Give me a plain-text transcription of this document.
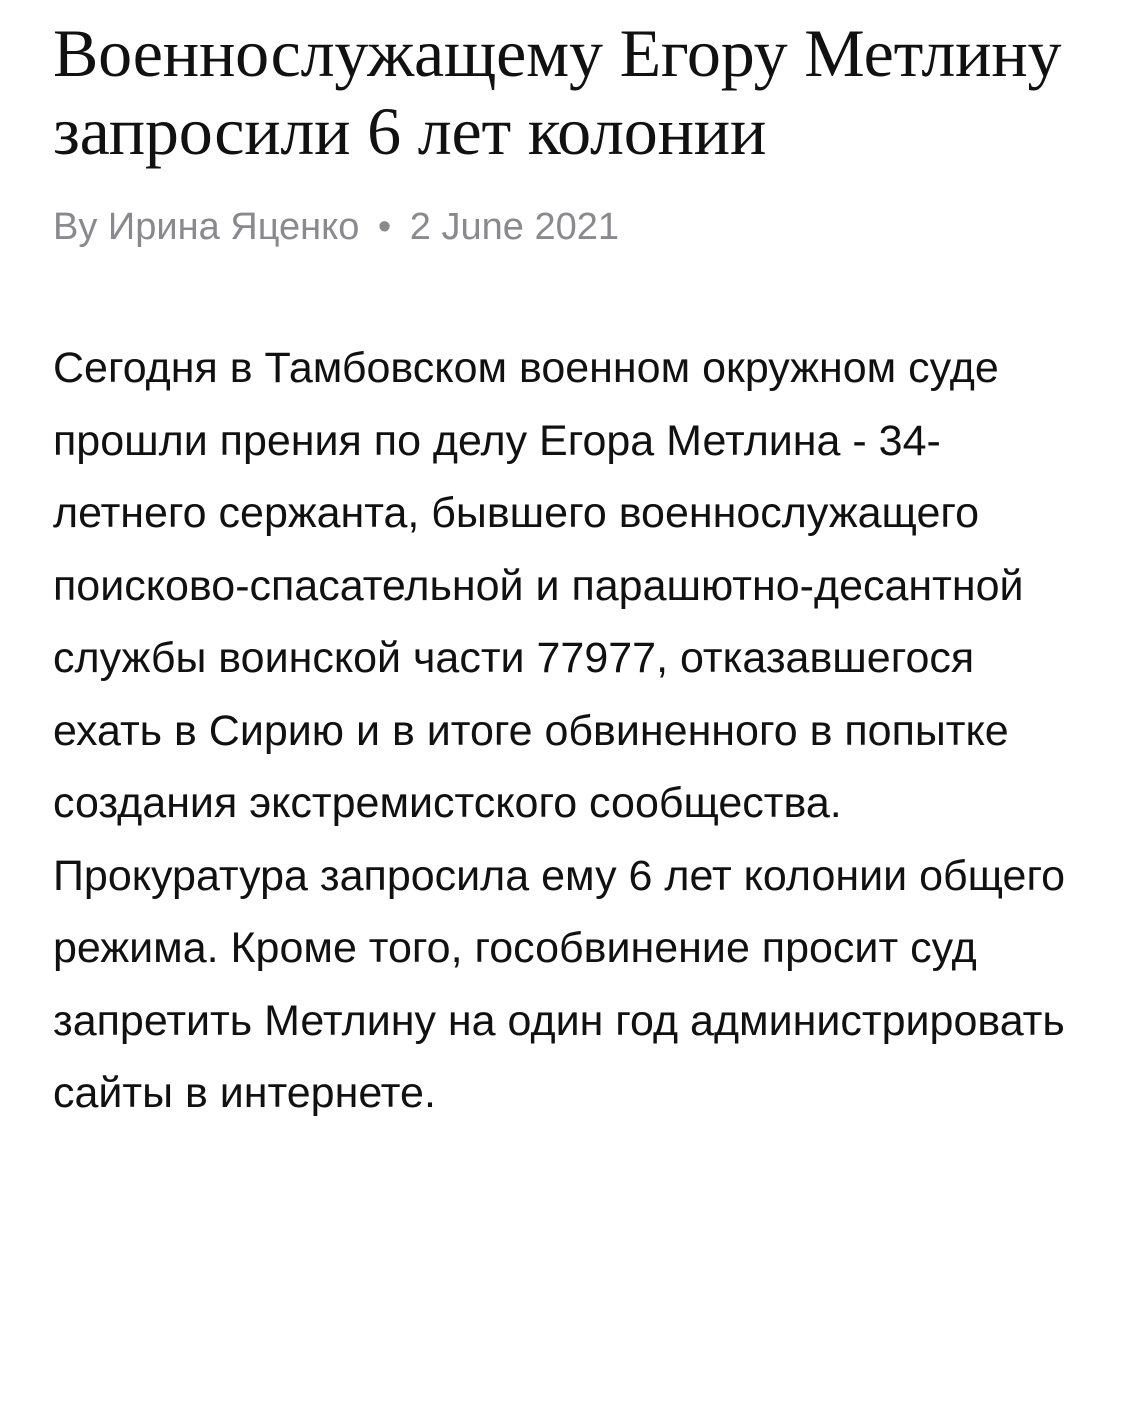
Военнослужащему Егору Метлину запросили 6 лет колонии
By Ирина Яценко • 2 June 2021

Сегодня в Тамбовском военном окружном суде прошли прения по делу Егора Метлина - 34-летнего сержанта, бывшего военнослужащего поисково-спасательной и парашютно-десантной службы воинской части 77977, отказавшегося ехать в Сирию и в итоге обвиненного в попытке создания экстремистского сообщества. Прокуратура запросила ему 6 лет колонии общего режима. Кроме того, гособвинение просит суд запретить Метлину на один год администрировать сайты в интернете.
